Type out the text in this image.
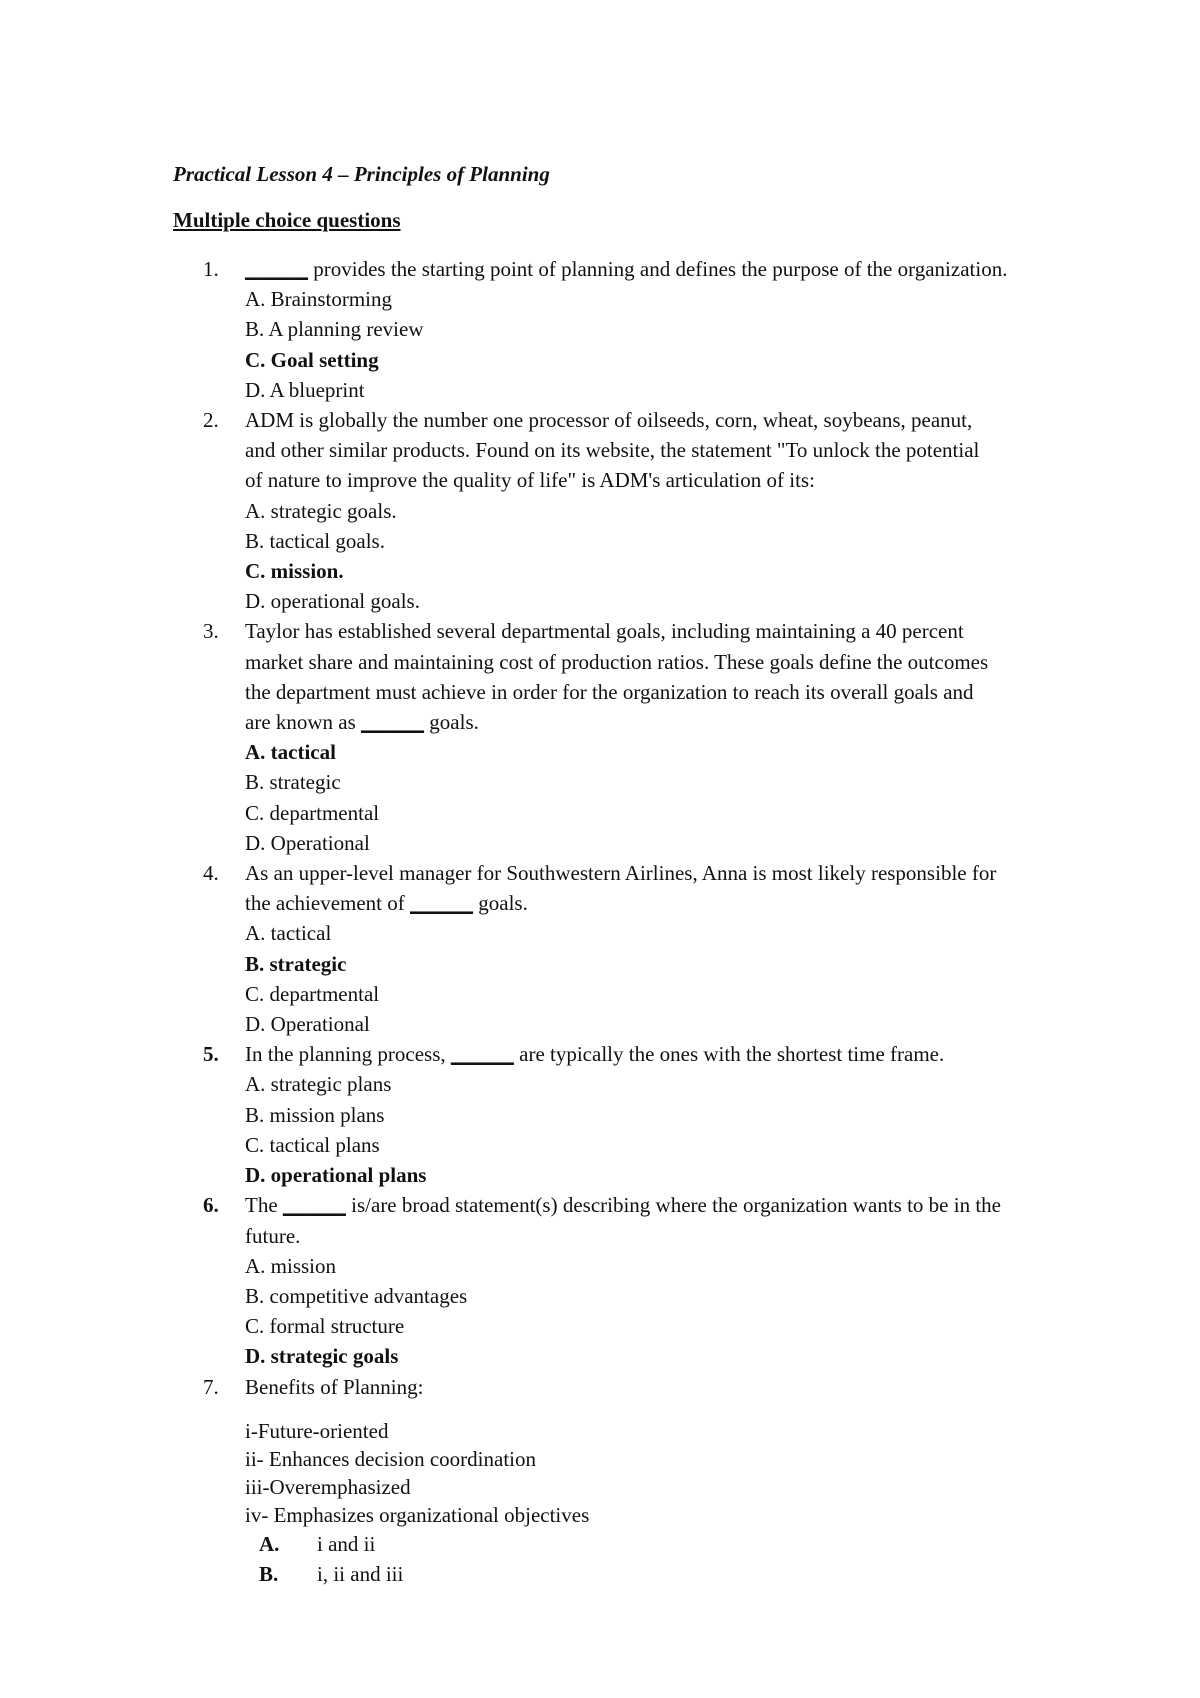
Practical Lesson 4 – Principles of Planning
Multiple choice questions
1. ______ provides the starting point of planning and defines the purpose of the organization.
A. Brainstorming
B. A planning review
C. Goal setting
D. A blueprint
2. ADM is globally the number one processor of oilseeds, corn, wheat, soybeans, peanut,
and other similar products. Found on its website, the statement "To unlock the potential
of nature to improve the quality of life" is ADM's articulation of its:
A. strategic goals.
B. tactical goals.
C. mission.
D. operational goals.
3. Taylor has established several departmental goals, including maintaining a 40 percent
market share and maintaining cost of production ratios. These goals define the outcomes
the department must achieve in order for the organization to reach its overall goals and
are known as ______ goals.
A. tactical
B. strategic
C. departmental
D. Operational
4. As an upper-level manager for Southwestern Airlines, Anna is most likely responsible for
the achievement of ______ goals.
A. tactical
B. strategic
C. departmental
D. Operational
5. In the planning process, ______ are typically the ones with the shortest time frame.
A. strategic plans
B. mission plans
C. tactical plans
D. operational plans
6. The ______ is/are broad statement(s) describing where the organization wants to be in the
future.
A. mission
B. competitive advantages
C. formal structure
D. strategic goals
7. Benefits of Planning:
i-Future-oriented
ii- Enhances decision coordination
iii-Overemphasized
iv- Emphasizes organizational objectives
A. i and ii
B. i, ii and iii
